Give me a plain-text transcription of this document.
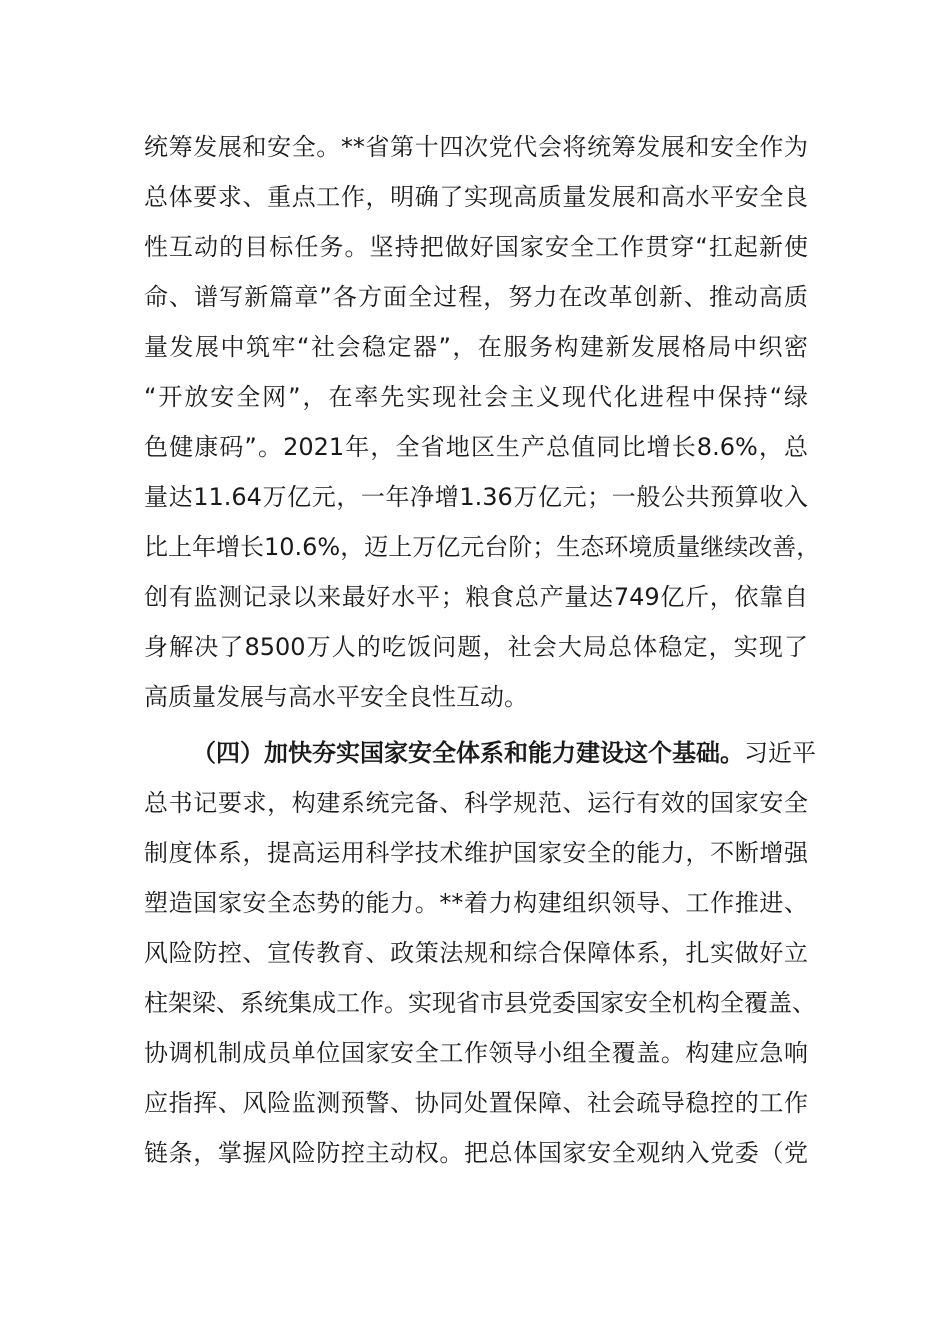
统筹发展和安全。**省第十四次党代会将统筹发展和安全作为
总体要求、重点工作，明确了实现高质量发展和高水平安全良
性互动的目标任务。坚持把做好国家安全工作贯穿“扛起新使
命、谱写新篇章”各方面全过程，努力在改革创新、推动高质
量发展中筑牢“社会稳定器”，在服务构建新发展格局中织密
“开放安全网”，在率先实现社会主义现代化进程中保持“绿
色健康码”。2021年，全省地区生产总值同比增长8.6%，总
量达11.64万亿元，一年净增1.36万亿元；一般公共预算收入
比上年增长10.6%，迈上万亿元台阶；生态环境质量继续改善，
创有监测记录以来最好水平；粮食总产量达749亿斤，依靠自
身解决了8500万人的吃饭问题，社会大局总体稳定，实现了
高质量发展与高水平安全良性互动。
（四）加快夯实国家安全体系和能力建设这个基础。习近平
总书记要求，构建系统完备、科学规范、运行有效的国家安全
制度体系，提高运用科学技术维护国家安全的能力，不断增强
塑造国家安全态势的能力。**着力构建组织领导、工作推进、
风险防控、宣传教育、政策法规和综合保障体系，扎实做好立
柱架梁、系统集成工作。实现省市县党委国家安全机构全覆盖、
协调机制成员单位国家安全工作领导小组全覆盖。构建应急响
应指挥、风险监测预警、协同处置保障、社会疏导稳控的工作
链条，掌握风险防控主动权。把总体国家安全观纳入党委（党
